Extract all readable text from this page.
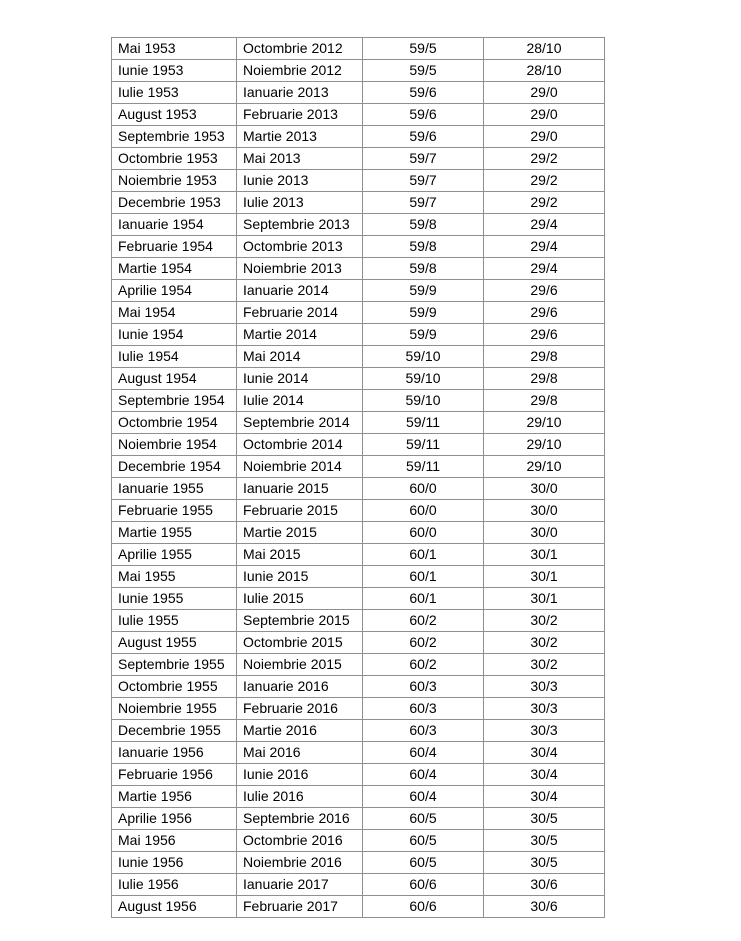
Mai 1953	Octombrie 2012	59/5	28/10
Iunie 1953	Noiembrie 2012	59/5	28/10
Iulie 1953	Ianuarie 2013	59/6	29/0
August 1953	Februarie 2013	59/6	29/0
Septembrie 1953	Martie 2013	59/6	29/0
Octombrie 1953	Mai 2013	59/7	29/2
Noiembrie 1953	Iunie 2013	59/7	29/2
Decembrie 1953	Iulie 2013	59/7	29/2
Ianuarie 1954	Septembrie 2013	59/8	29/4
Februarie 1954	Octombrie 2013	59/8	29/4
Martie 1954	Noiembrie 2013	59/8	29/4
Aprilie 1954	Ianuarie 2014	59/9	29/6
Mai 1954	Februarie 2014	59/9	29/6
Iunie 1954	Martie 2014	59/9	29/6
Iulie 1954	Mai 2014	59/10	29/8
August 1954	Iunie 2014	59/10	29/8
Septembrie 1954	Iulie 2014	59/10	29/8
Octombrie 1954	Septembrie 2014	59/11	29/10
Noiembrie 1954	Octombrie 2014	59/11	29/10
Decembrie 1954	Noiembrie 2014	59/11	29/10
Ianuarie 1955	Ianuarie 2015	60/0	30/0
Februarie 1955	Februarie 2015	60/0	30/0
Martie 1955	Martie 2015	60/0	30/0
Aprilie 1955	Mai 2015	60/1	30/1
Mai 1955	Iunie 2015	60/1	30/1
Iunie 1955	Iulie 2015	60/1	30/1
Iulie 1955	Septembrie 2015	60/2	30/2
August 1955	Octombrie 2015	60/2	30/2
Septembrie 1955	Noiembrie 2015	60/2	30/2
Octombrie 1955	Ianuarie 2016	60/3	30/3
Noiembrie 1955	Februarie 2016	60/3	30/3
Decembrie 1955	Martie 2016	60/3	30/3
Ianuarie 1956	Mai 2016	60/4	30/4
Februarie 1956	Iunie 2016	60/4	30/4
Martie 1956	Iulie 2016	60/4	30/4
Aprilie 1956	Septembrie 2016	60/5	30/5
Mai 1956	Octombrie 2016	60/5	30/5
Iunie 1956	Noiembrie 2016	60/5	30/5
Iulie 1956	Ianuarie 2017	60/6	30/6
August 1956	Februarie 2017	60/6	30/6
